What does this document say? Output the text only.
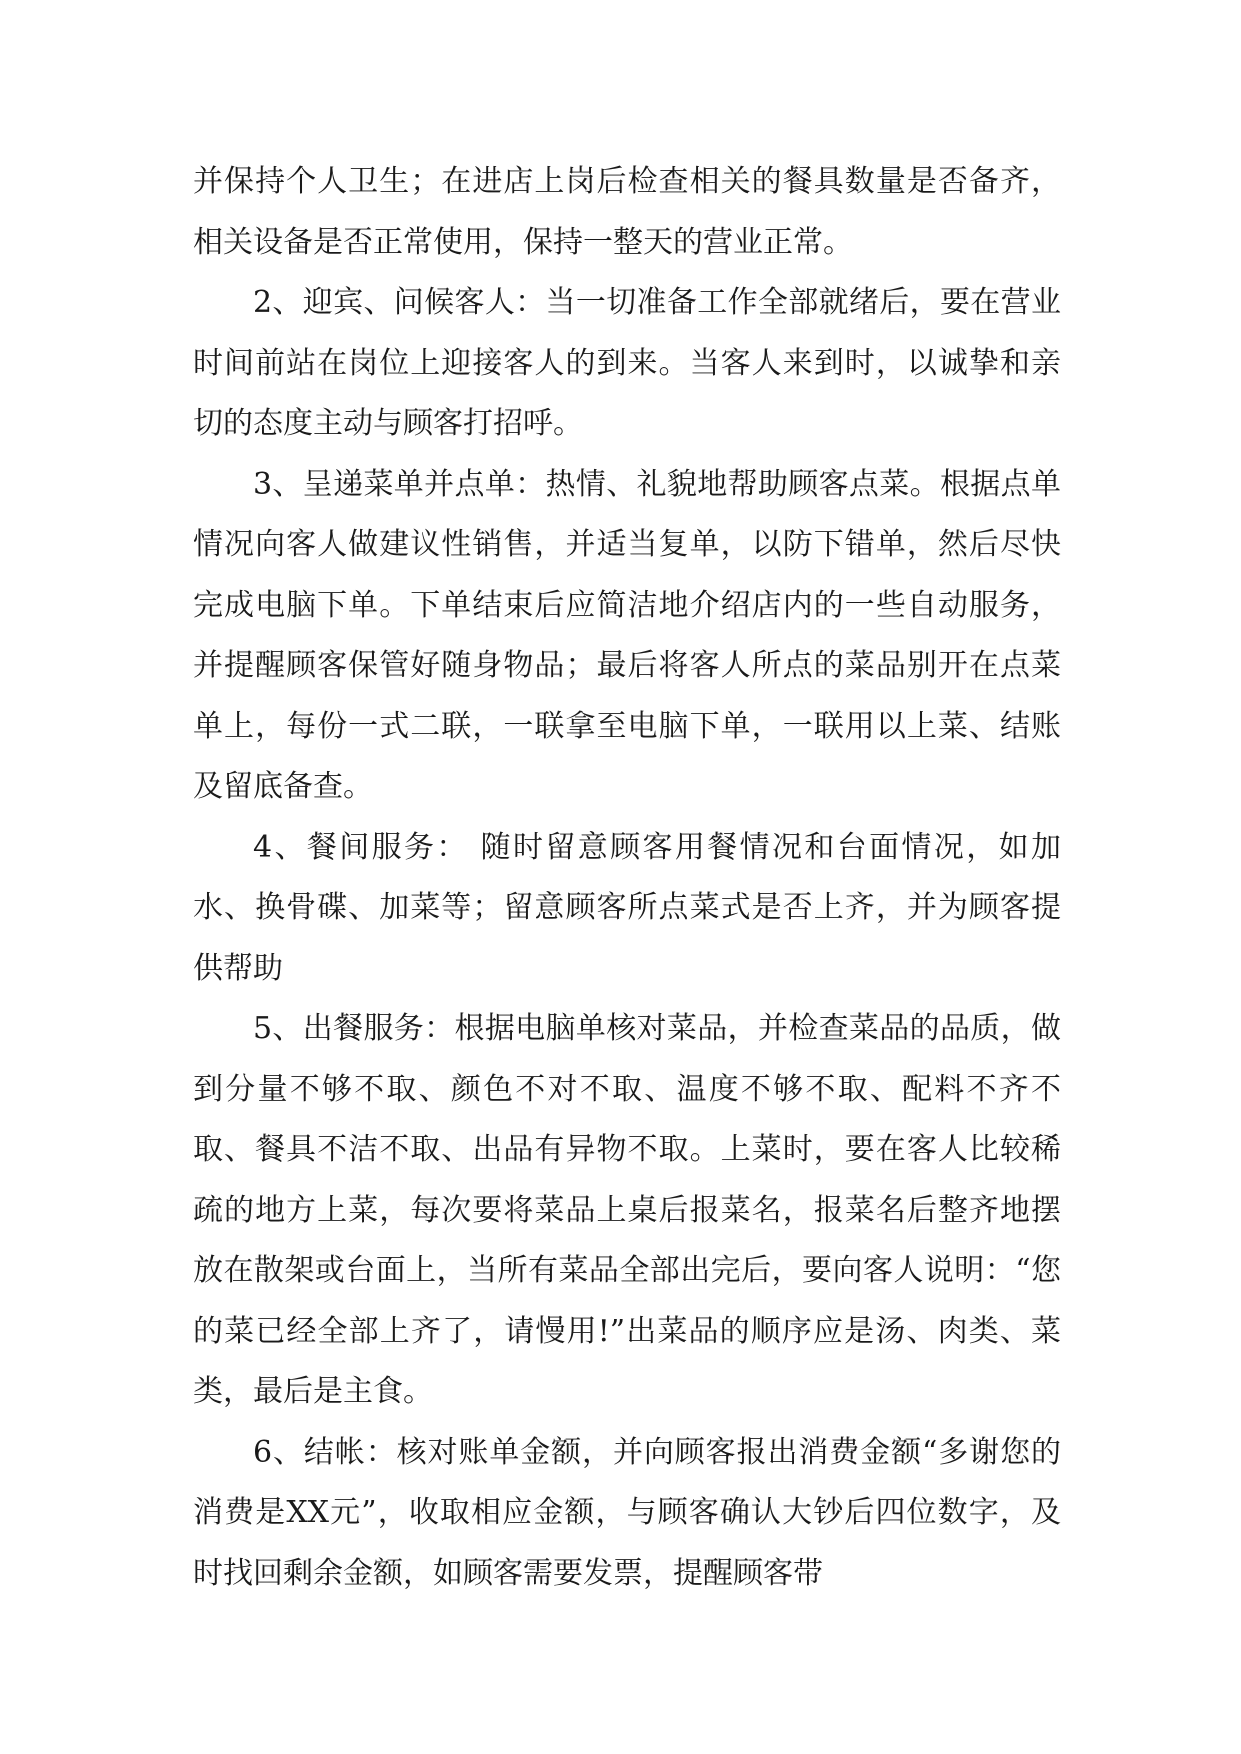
并保持个人卫生；在进店上岗后检查相关的餐具数量是否备齐，相关设备是否正常使用，保持一整天的营业正常。

2、迎宾、问候客人：当一切准备工作全部就绪后，要在营业时间前站在岗位上迎接客人的到来。当客人来到时，以诚挚和亲切的态度主动与顾客打招呼。

3、呈递菜单并点单：热情、礼貌地帮助顾客点菜。根据点单情况向客人做建议性销售，并适当复单，以防下错单，然后尽快完成电脑下单。下单结束后应简洁地介绍店内的一些自动服务，并提醒顾客保管好随身物品；最后将客人所点的菜品别开在点菜单上，每份一式二联，一联拿至电脑下单，一联用以上菜、结账及留底备查。

4、餐间服务： 随时留意顾客用餐情况和台面情况，如加水、换骨碟、加菜等；留意顾客所点菜式是否上齐，并为顾客提供帮助

5、出餐服务：根据电脑单核对菜品，并检查菜品的品质，做到分量不够不取、颜色不对不取、温度不够不取、配料不齐不取、餐具不洁不取、出品有异物不取。上菜时，要在客人比较稀疏的地方上菜，每次要将菜品上桌后报菜名，报菜名后整齐地摆放在散架或台面上，当所有菜品全部出完后，要向客人说明：“您的菜已经全部上齐了，请慢用!”出菜品的顺序应是汤、肉类、菜类，最后是主食。

6、结帐：核对账单金额，并向顾客报出消费金额“多谢您的消费是XX元”，收取相应金额，与顾客确认大钞后四位数字，及时找回剩余金额，如顾客需要发票，提醒顾客带
